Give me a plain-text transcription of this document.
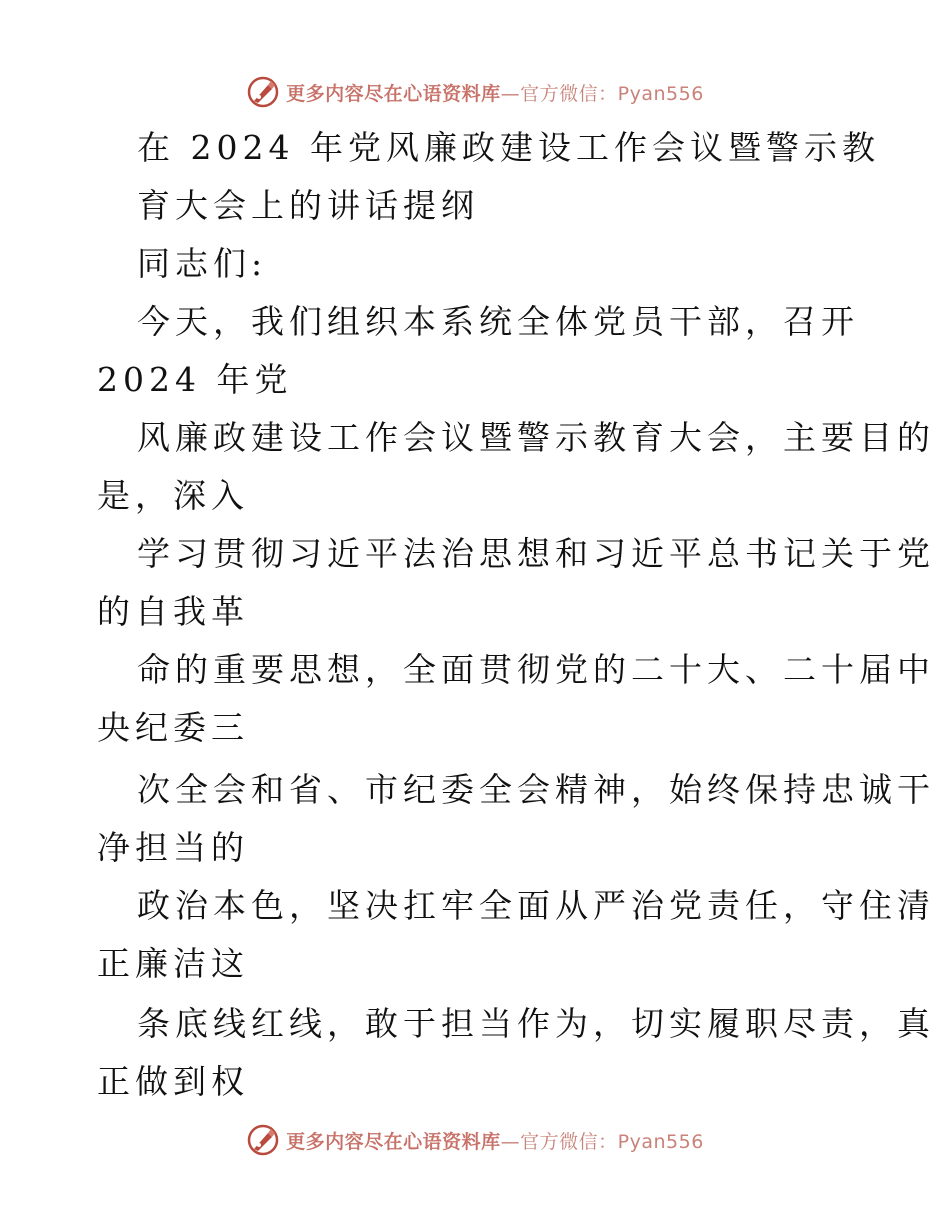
更多内容尽在心语资料库—官方微信：Pyan556
在 2024 年党风廉政建设工作会议暨警示教
育大会上的讲话提纲
同志们:
今天，我们组织本系统全体党员干部，召开
2024 年党
风廉政建设工作会议暨警示教育大会，主要目的
是，深入
学习贯彻习近平法治思想和习近平总书记关于党
的自我革
命的重要思想，全面贯彻党的二十大、二十届中
央纪委三
次全会和省、市纪委全会精神，始终保持忠诚干
净担当的
政治本色，坚决扛牢全面从严治党责任，守住清
正廉洁这
条底线红线，敢于担当作为，切实履职尽责，真
正做到权
更多内容尽在心语资料库—官方微信：Pyan556
